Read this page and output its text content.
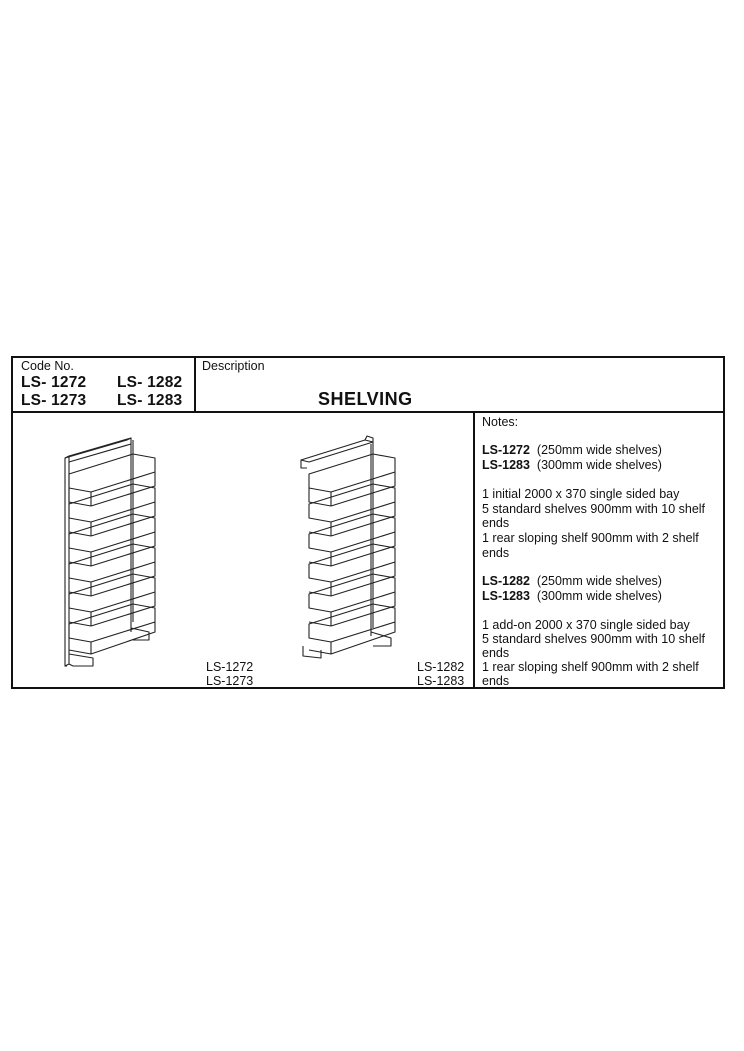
Code No.
LS- 1272 LS- 1282
LS- 1273 LS- 1283
Description
SHELVING
LS-1272
LS-1273
LS-1282
LS-1283
Notes:
LS-1272 (250mm wide shelves)
LS-1283 (300mm wide shelves)
1 initial 2000 x 370 single sided bay
5 standard shelves 900mm with 10 shelf
ends
1 rear sloping shelf 900mm with 2 shelf
ends
LS-1282 (250mm wide shelves)
LS-1283 (300mm wide shelves)
1 add-on 2000 x 370 single sided bay
5 standard shelves 900mm with 10 shelf
ends
1 rear sloping shelf 900mm with 2 shelf
ends
